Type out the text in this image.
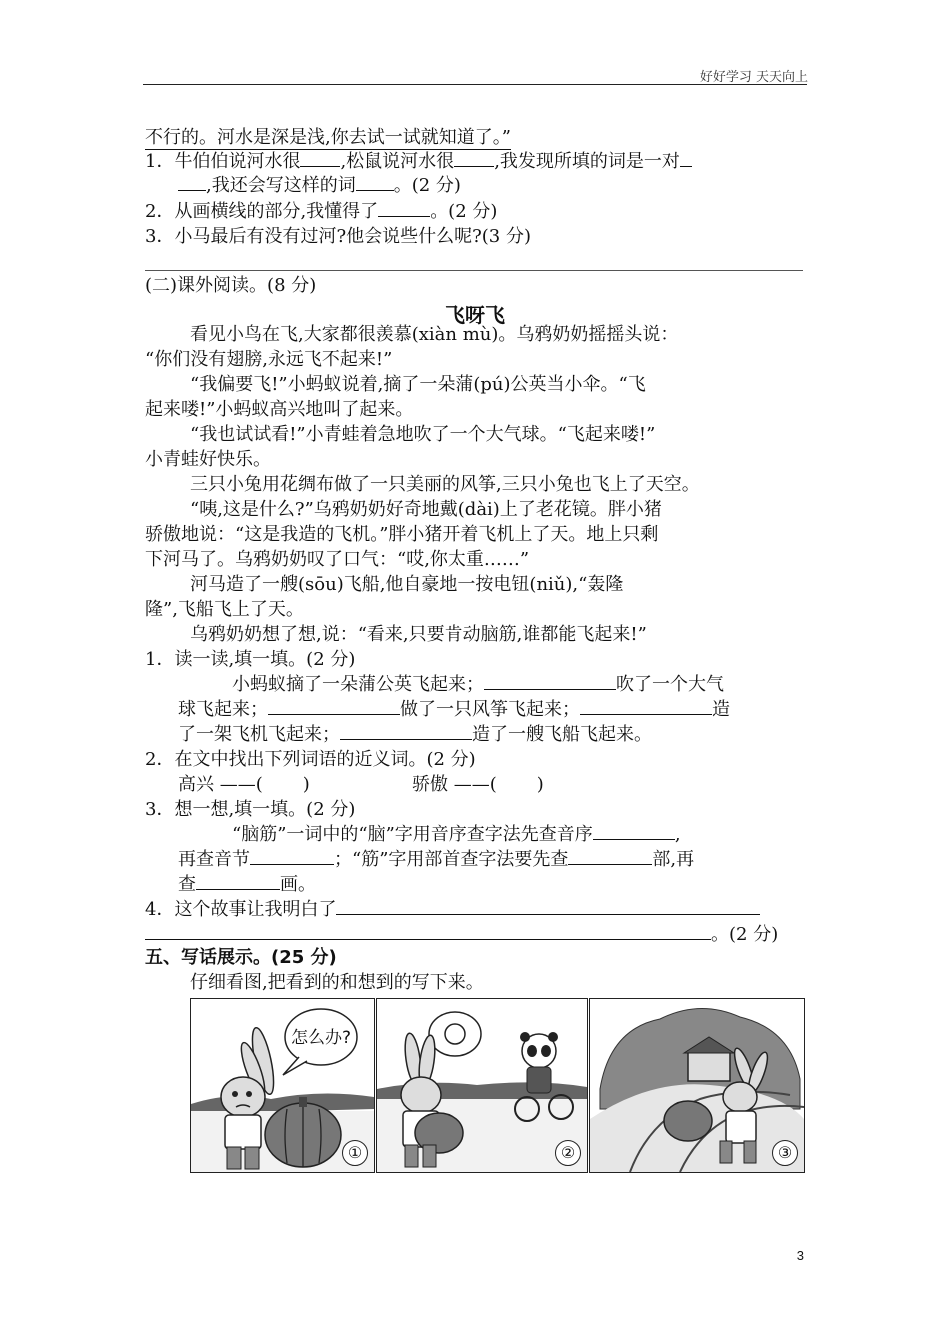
好好学习 天天向上
不行的。河水是深是浅,你去试一试就知道了。”
1．牛伯伯说河水很 ,松鼠说河水很 ,我发现所填的词是一对
,我还会写这样的词 。(2 分)
2．从画横线的部分,我懂得了	。(2 分)
3．小马最后有没有过河?他会说些什么呢?(3 分)
(二)课外阅读。(8 分)
飞呀飞
看见小鸟在飞,大家都很羡慕(xiàn mù)。乌鸦奶奶摇摇头说：
“你们没有翅膀,永远飞不起来!”
“我偏要飞!”小蚂蚁说着,摘了一朵蒲(pú)公英当小伞。“飞
起来喽!”小蚂蚁高兴地叫了起来。
“我也试试看!”小青蛙着急地吹了一个大气球。“飞起来喽!”
小青蛙好快乐。
三只小兔用花绸布做了一只美丽的风筝,三只小兔也飞上了天空。
“咦,这是什么?”乌鸦奶奶好奇地戴(dài)上了老花镜。胖小猪
骄傲地说：“这是我造的飞机。”胖小猪开着飞机上了天。地上只剩
下河马了。乌鸦奶奶叹了口气：“哎,你太重……”
河马造了一艘(sōu)飞船,他自豪地一按电钮(niǔ),“轰隆
隆”,飞船飞上了天。
乌鸦奶奶想了想,说：“看来,只要肯动脑筋,谁都能飞起来!”
1．读一读,填一填。(2 分)
小蚂蚁摘了一朵蒲公英飞起来；	吹了一个大气
球飞起来；	做了一只风筝飞起来；	造
了一架飞机飞起来；	造了一艘飞船飞起来。
2．在文中找出下列词语的近义词。(2 分)
高兴 ——( )	骄傲 ——( )
3．想一想,填一填。(2 分)
“脑筋”一词中的“脑”字用音序查字法先查音序	,
再查音节	；“筋”字用部首查字法要先查	部,再
查	画。
4．这个故事让我明白了
。(2 分)
五、写话展示。(25 分)
仔细看图,把看到的和想到的写下来。
怎么办?
①	②	③
3
